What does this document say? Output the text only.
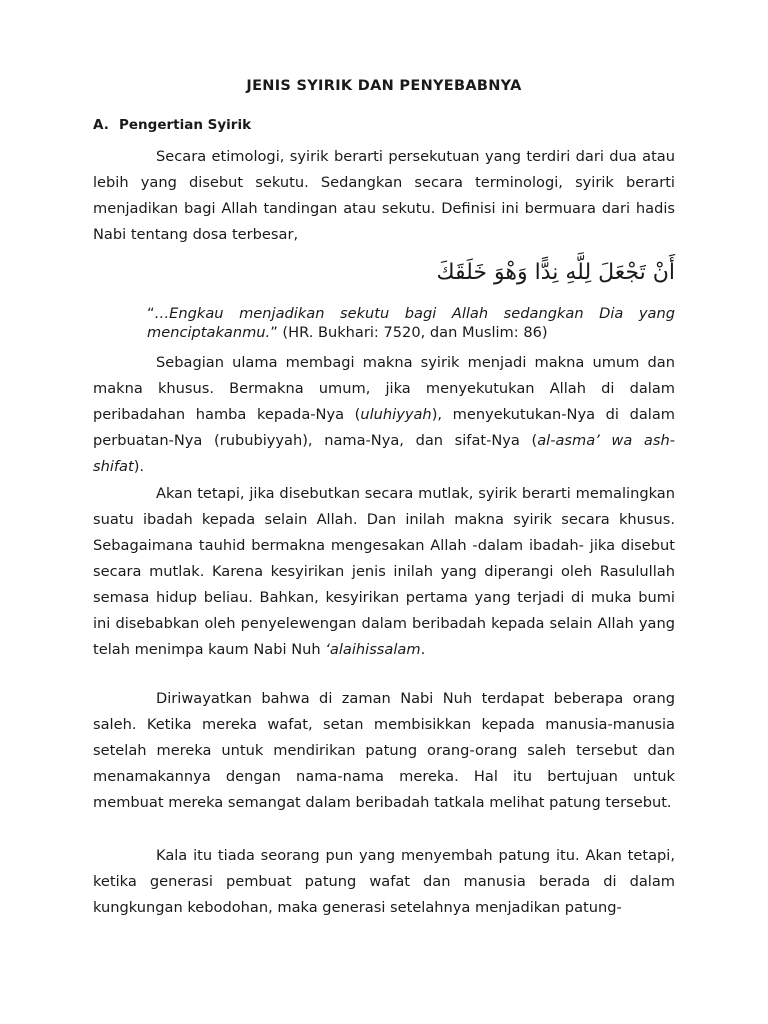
JENIS SYIRIK DAN PENYEBABNYA
A. Pengertian Syirik

Secara etimologi, syirik berarti persekutuan yang terdiri dari dua atau lebih yang disebut sekutu. Sedangkan secara terminologi, syirik berarti menjadikan bagi Allah tandingan atau sekutu. Definisi ini bermuara dari hadis Nabi tentang dosa terbesar,

أَنْ تَجْعَلَ لِلَّهِ نِدًّا وَهْوَ خَلَقَكَ

“…Engkau menjadikan sekutu bagi Allah sedangkan Dia yang menciptakanmu.” (HR. Bukhari: 7520, dan Muslim: 86)

Sebagian ulama membagi makna syirik menjadi makna umum dan makna khusus. Bermakna umum, jika menyekutukan Allah di dalam peribadahan hamba kepada-Nya (uluhiyyah), menyekutukan-Nya di dalam perbuatan-Nya (rububiyyah), nama-Nya, dan sifat-Nya (al-asma’ wa ash-shifat).

Akan tetapi, jika disebutkan secara mutlak, syirik berarti memalingkan suatu ibadah kepada selain Allah. Dan inilah makna syirik secara khusus. Sebagaimana tauhid bermakna mengesakan Allah -dalam ibadah- jika disebut secara mutlak. Karena kesyirikan jenis inilah yang diperangi oleh Rasulullah semasa hidup beliau. Bahkan, kesyirikan pertama yang terjadi di muka bumi ini disebabkan oleh penyelewengan dalam beribadah kepada selain Allah yang telah menimpa kaum Nabi Nuh ‘alaihissalam.

Diriwayatkan bahwa di zaman Nabi Nuh terdapat beberapa orang saleh. Ketika mereka wafat, setan membisikkan kepada manusia-manusia setelah mereka untuk mendirikan patung orang-orang saleh tersebut dan menamakannya dengan nama-nama mereka. Hal itu bertujuan untuk membuat mereka semangat dalam beribadah tatkala melihat patung tersebut.

Kala itu tiada seorang pun yang menyembah patung itu. Akan tetapi, ketika generasi pembuat patung wafat dan manusia berada di dalam kungkungan kebodohan, maka generasi setelahnya menjadikan patung-
